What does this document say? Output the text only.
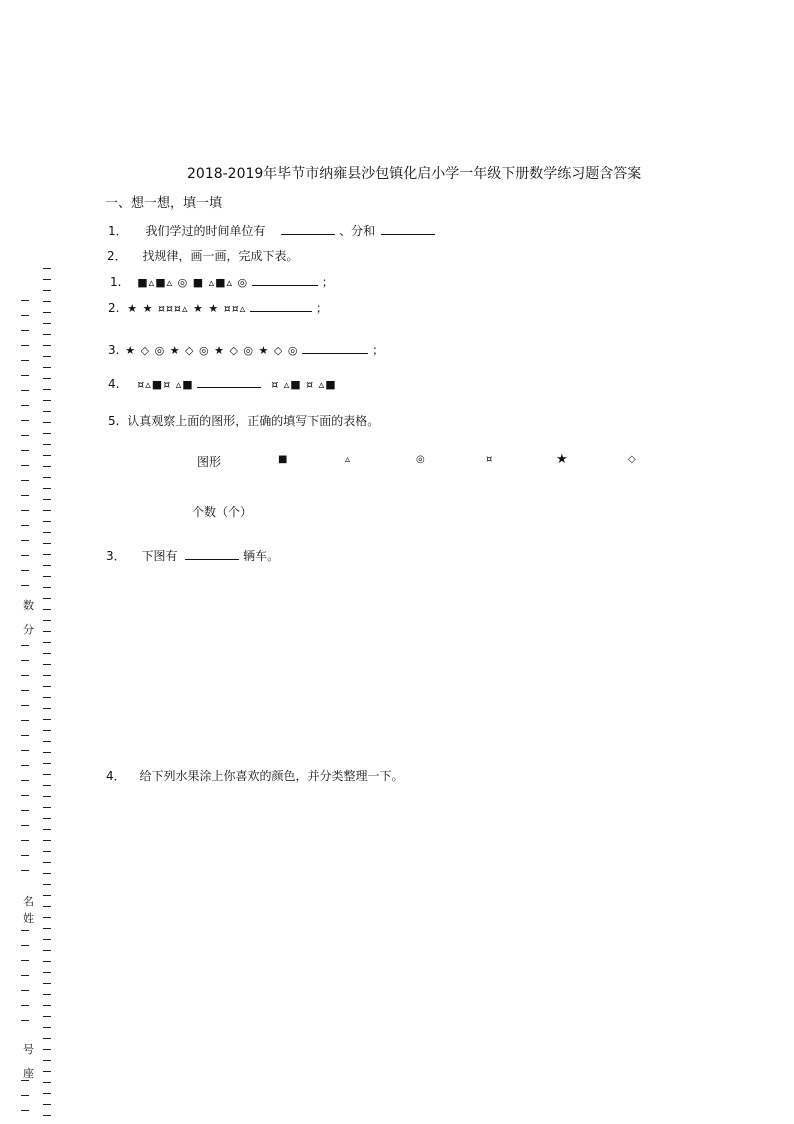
2018-2019年毕节市纳雍县沙包镇化启小学一年级下册数学练习题含答案
一、想一想，填一填
1． 我们学过的时间单位有	、分和
2． 找规律，画一画，完成下表。
1. ■▵■▵ ◎ ■ ▵■▵ ◎	；
2. ★ ★ ¤¤¤▵ ★ ★ ¤¤▵	；
3. ★ ◇ ◎ ★ ◇ ◎ ★ ◇ ◎ ★ ◇ ◎	；
4. ¤▵■¤ ▵■	¤ ▵■ ¤ ▵■
5. 认真观察上面的图形，正确的填写下面的表格。
图形	■	▵	◎	¤	★	◇
个数（个）
3． 下图有	辆车。
4． 给下列水果涂上你喜欢的颜色，并分类整理一下。
数
分
名
姓
号
座
